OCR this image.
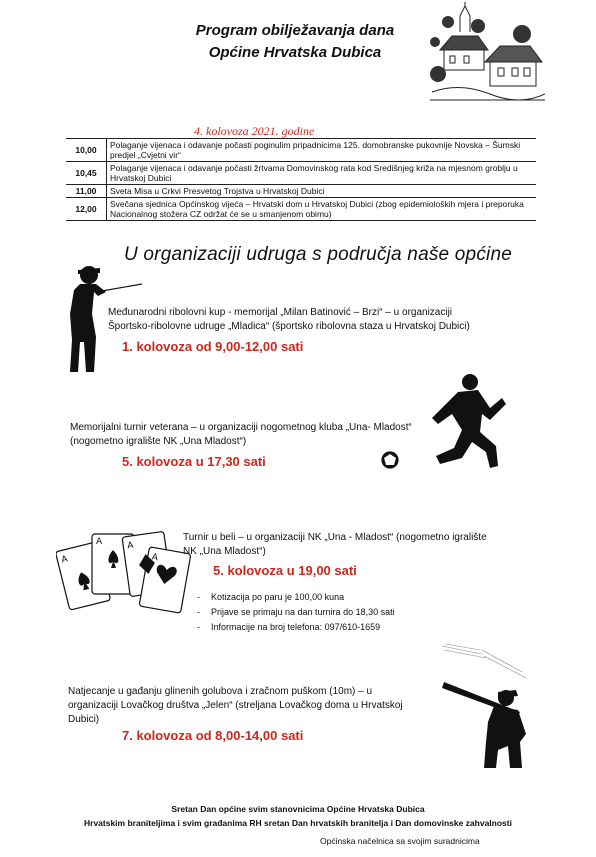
Program obilježavanja dana
Općine Hrvatska Dubica
4. kolovoza 2021. godine
10,00	Polaganje vijenaca i odavanje počasti poginulim pripadnicima 125. domobranske pukovnije Novska – Šumski predjel „Cvjetni vir“
10,45	Polaganje vijenaca i odavanje počasti žrtvama Domovinskog rata kod Središnjeg križa na mjesnom groblju u Hrvatskoj Dubici
11,00	Sveta Misa u Crkvi Presvetog Trojstva u Hrvatskoj Dubici
12,00	Svečana sjednica Općinskog vijeća – Hrvatski dom u Hrvatskoj Dubici (zbog epidemioloških mjera i preporuka Nacionalnog stožera CZ održat će se u smanjenom obimu)
U organizaciji udruga s područja naše općine
Međunarodni ribolovni kup - memorijal „Milan Batinović – Brzi“ – u organizaciji
Športsko-ribolovne udruge „Mladica“ (športsko ribolovna staza u Hrvatskoj Dubici)
1. kolovoza od 9,00-12,00 sati
Memorijalni turnir veterana – u organizaciji nogometnog kluba „Una- Mladost“
(nogometno igralište NK „Una Mladost“)
5. kolovoza u 17,30 sati
A
A	A
A
Turnir u beli – u organizaciji NK „Una - Mladost“ (nogometno igralište
NK „Una Mladost“)
5. kolovoza u 19,00 sati
- Kotizacija po paru je 100,00 kuna
- Prijave se primaju na dan turnira do 18,30 sati
- Informacije na broj telefona: 097/610-1659
Natjecanje u gađanju glinenih golubova i zračnom puškom (10m) – u
organizaciji Lovačkog društva „Jelen“ (streljana Lovačkog doma u Hrvatskoj
Dubici)
7. kolovoza od 8,00-14,00 sati
Sretan Dan općine svim stanovnicima Općine Hrvatska Dubica
Hrvatskim braniteljima i svim građanima RH sretan Dan hrvatskih branitelja i Dan domovinske zahvalnosti
Općinska načelnica sa svojim suradnicima
